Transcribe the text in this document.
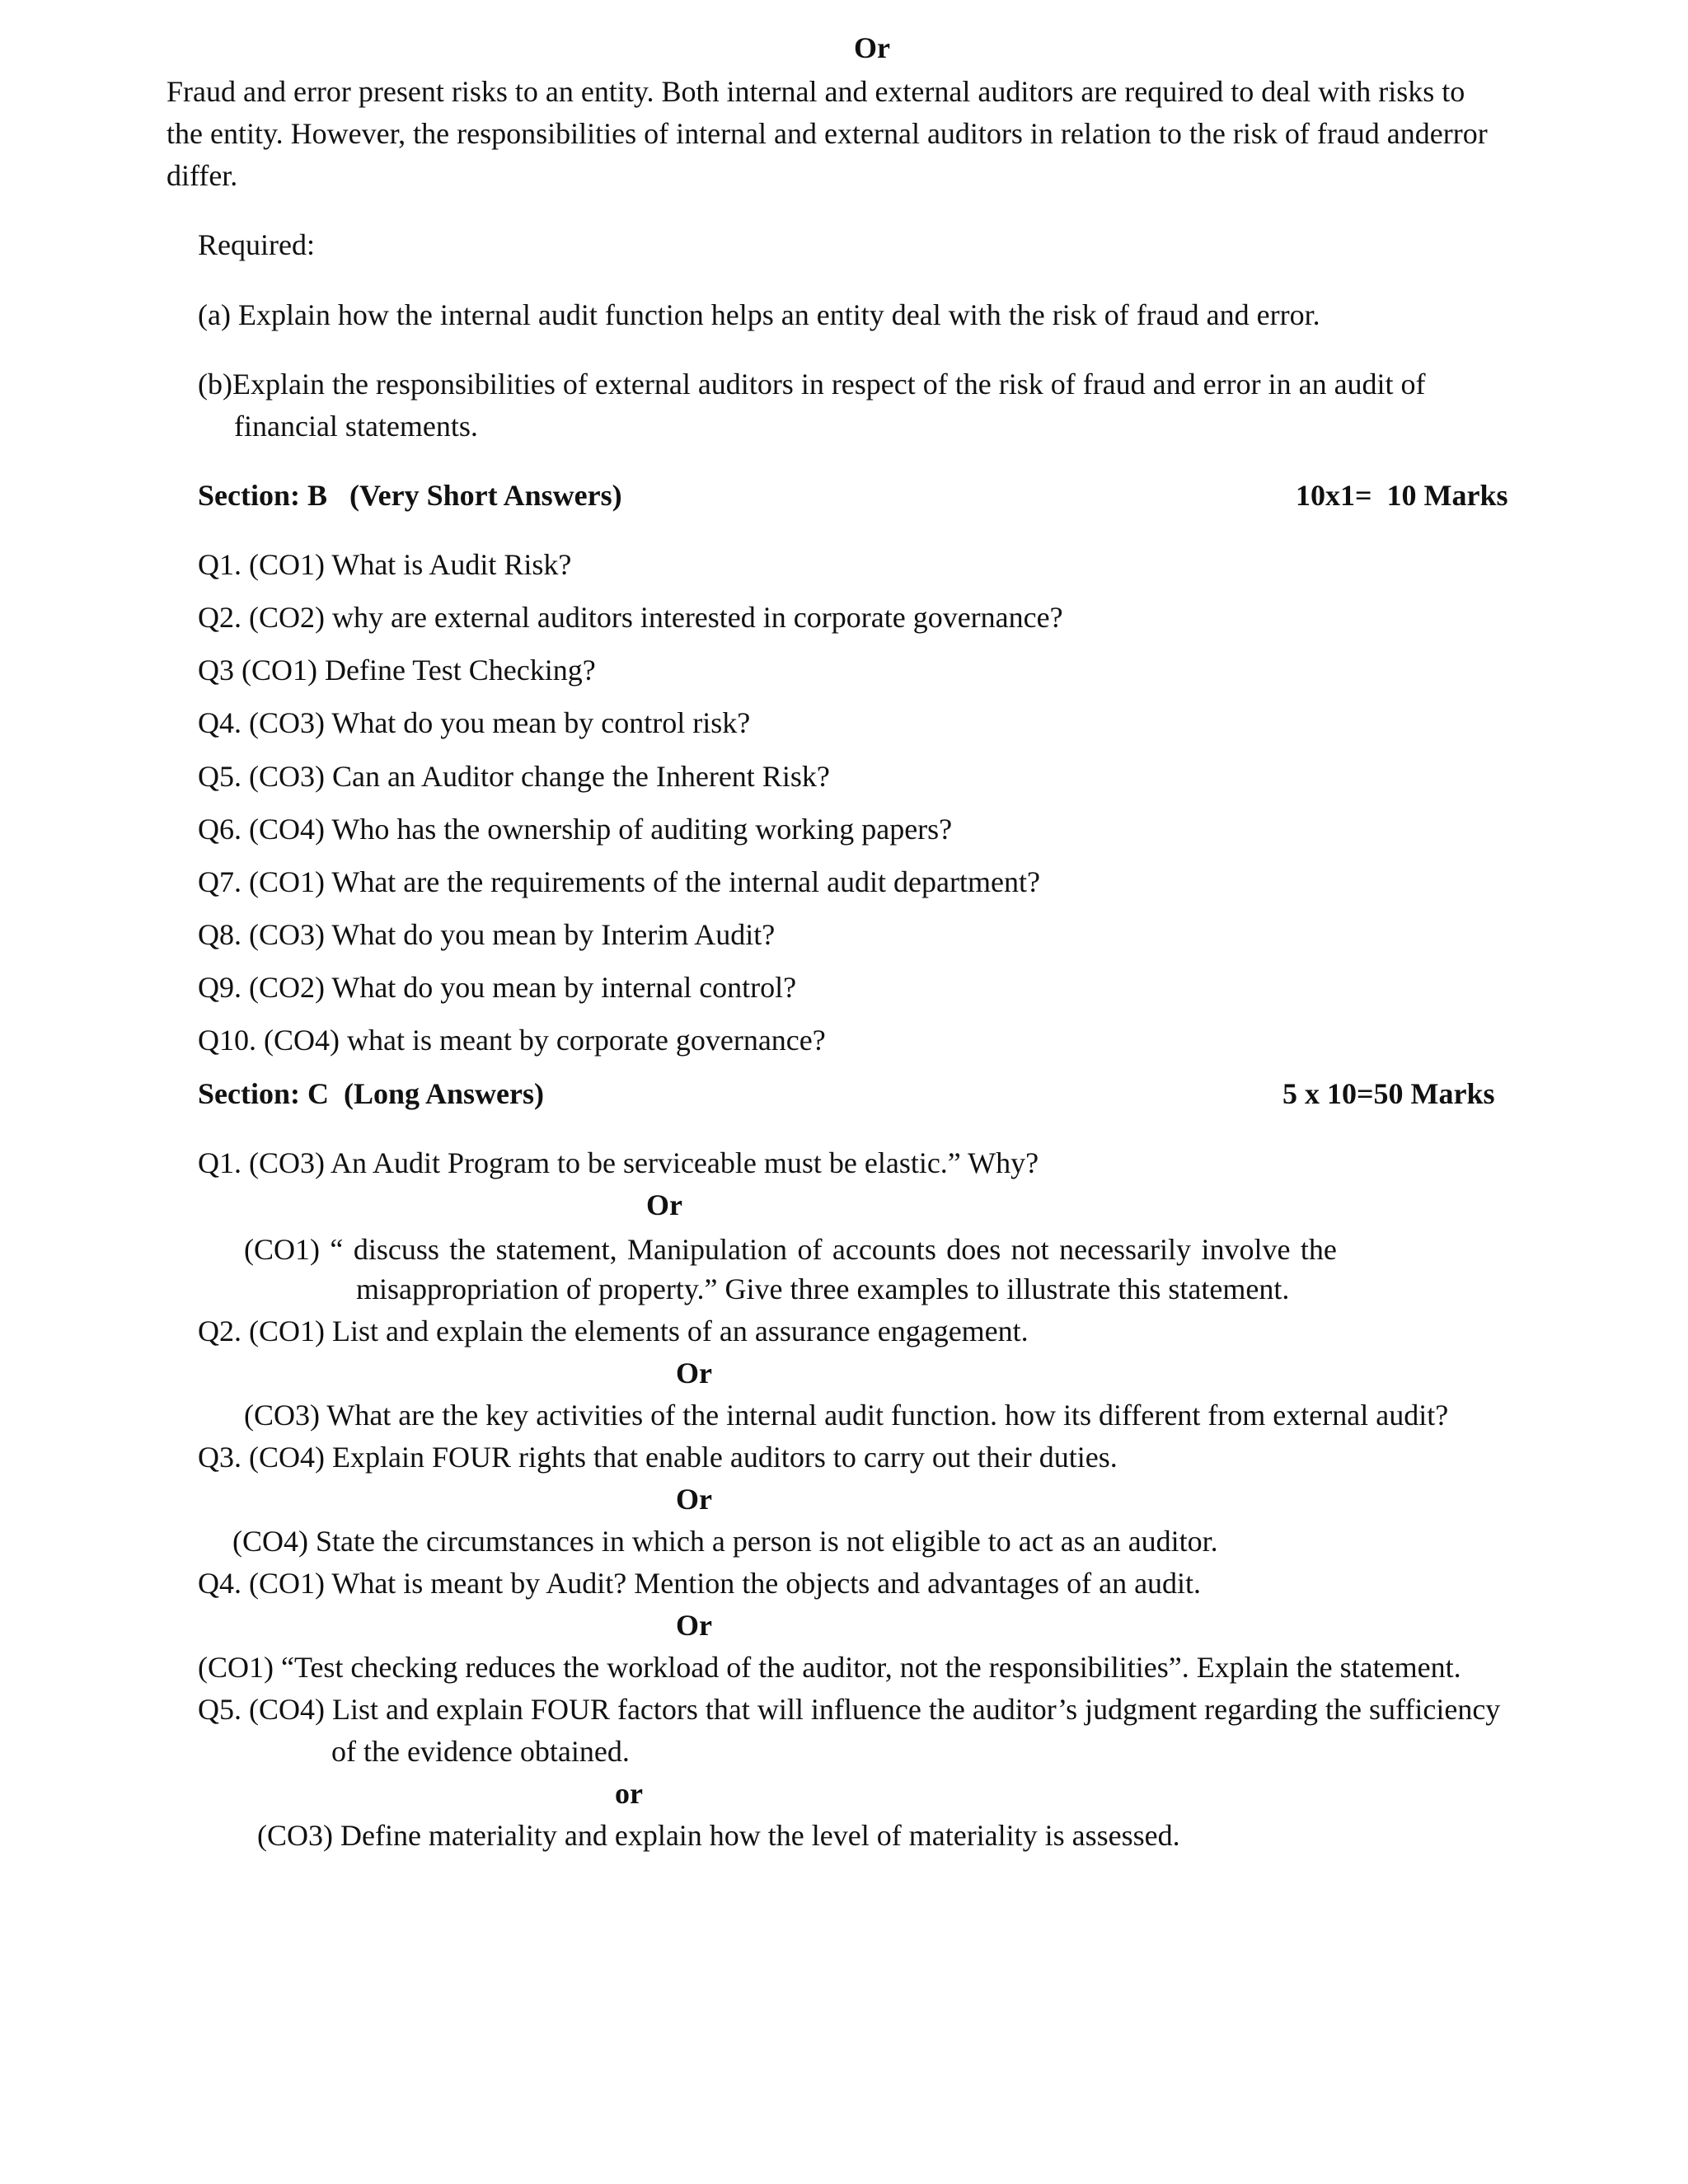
Or
Fraud and error present risks to an entity. Both internal and external auditors are required to deal with risks to
the entity. However, the responsibilities of internal and external auditors in relation to the risk of fraud anderror
differ.
Required:
(a) Explain how the internal audit function helps an entity deal with the risk of fraud and error.
(b)Explain the responsibilities of external auditors in respect of the risk of fraud and error in an audit of
financial statements.
Section: B   (Very Short Answers)	10x1=  10 Marks
Q1. (CO1) What is Audit Risk?
Q2. (CO2) why are external auditors interested in corporate governance?
Q3 (CO1) Define Test Checking?
Q4. (CO3) What do you mean by control risk?
Q5. (CO3) Can an Auditor change the Inherent Risk?
Q6. (CO4) Who has the ownership of auditing working papers?
Q7. (CO1) What are the requirements of the internal audit department?
Q8. (CO3) What do you mean by Interim Audit?
Q9. (CO2) What do you mean by internal control?
Q10. (CO4) what is meant by corporate governance?
Section: C  (Long Answers)	5 x 10=50 Marks
Q1. (CO3) An Audit Program to be serviceable must be elastic.” Why?
Or
(CO1) “ discuss the statement, Manipulation of accounts does not necessarily involve the
misappropriation of property.” Give three examples to illustrate this statement.
Q2. (CO1) List and explain the elements of an assurance engagement.
Or
(CO3) What are the key activities of the internal audit function. how its different from external audit?
Q3. (CO4) Explain FOUR rights that enable auditors to carry out their duties.
Or
(CO4) State the circumstances in which a person is not eligible to act as an auditor.
Q4. (CO1) What is meant by Audit? Mention the objects and advantages of an audit.
Or
(CO1) “Test checking reduces the workload of the auditor, not the responsibilities”. Explain the statement.
Q5. (CO4) List and explain FOUR factors that will influence the auditor’s judgment regarding the sufficiency
of the evidence obtained.
or
(CO3) Define materiality and explain how the level of materiality is assessed.
